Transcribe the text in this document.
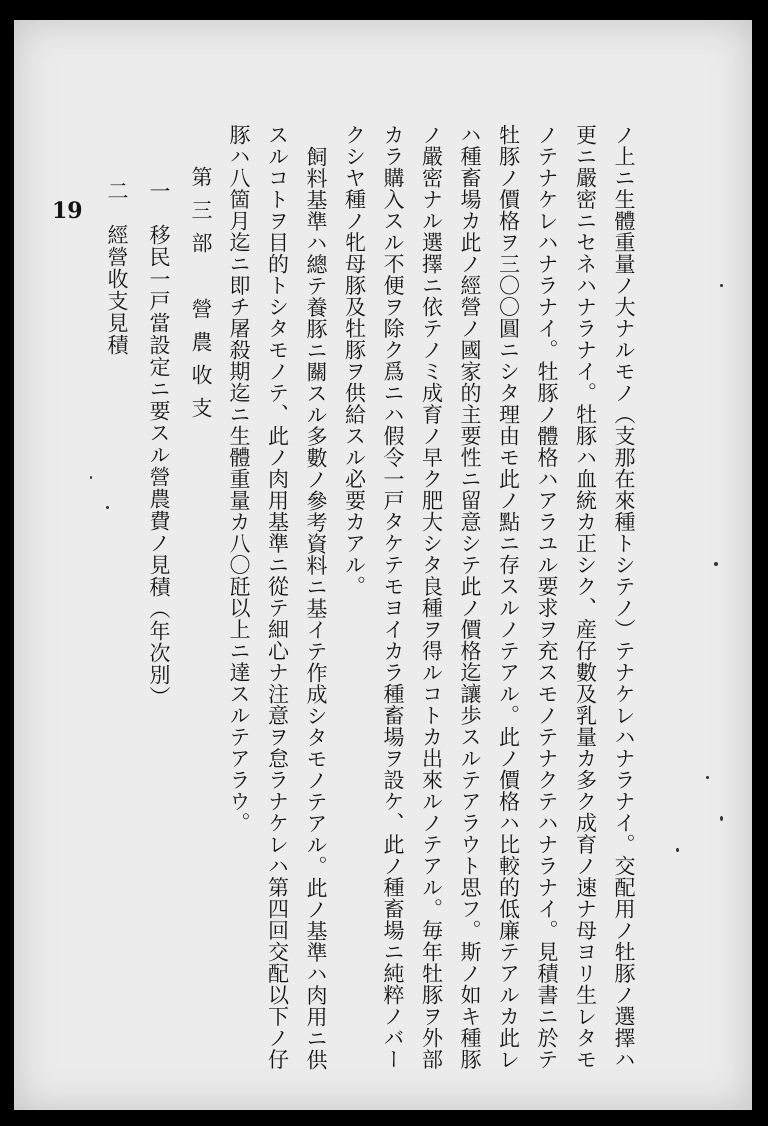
ノ上ニ生體重量ノ大ナルモノ（支那在來種トシテノ）テナケレハナラナイ。交配用ノ牡豚ノ選擇ハ
更ニ嚴密ニセネハナラナイ。牡豚ハ血統カ正シク、産仔數及乳量カ多ク成育ノ速ナ母ヨリ生レタモ
ノテナケレハナラナイ。牡豚ノ體格ハアラユル要求ヲ充スモノテナクテハナラナイ。見積書ニ於テ
牡豚ノ價格ヲ三〇〇圓ニシタ理由モ此ノ點ニ存スルノテアル。此ノ價格ハ比較的低廉テアルカ此レ
ハ種畜場カ此ノ經營ノ國家的主要性ニ留意シテ此ノ價格迄讓歩スルテアラウト思フ。斯ノ如キ種豚
ノ嚴密ナル選擇ニ依テノミ成育ノ早ク肥大シタ良種ヲ得ルコトカ出來ルノテアル。毎年牡豚ヲ外部
カラ購入スル不便ヲ除ク爲ニハ假令一戸タケテモヨイカラ種畜場ヲ設ケ、此ノ種畜場ニ純粹ノバー
クシヤ種ノ牝母豚及牡豚ヲ供給スル必要カアル。
飼料基準ハ總テ養豚ニ關スル多數ノ參考資料ニ基イテ作成シタモノテアル。此ノ基準ハ肉用ニ供
スルコトヲ目的トシタモノテ、此ノ肉用基準ニ從テ細心ナ注意ヲ怠ラナケレハ第四回交配以下ノ仔
豚ハ八箇月迄ニ即チ屠殺期迄ニ生體重量カ八〇瓩以上ニ達スルテアラウ。
第三部　營農收支
一　移民一戸當設定ニ要スル營農費ノ見積（年次別）
二　經營收支見積
19
